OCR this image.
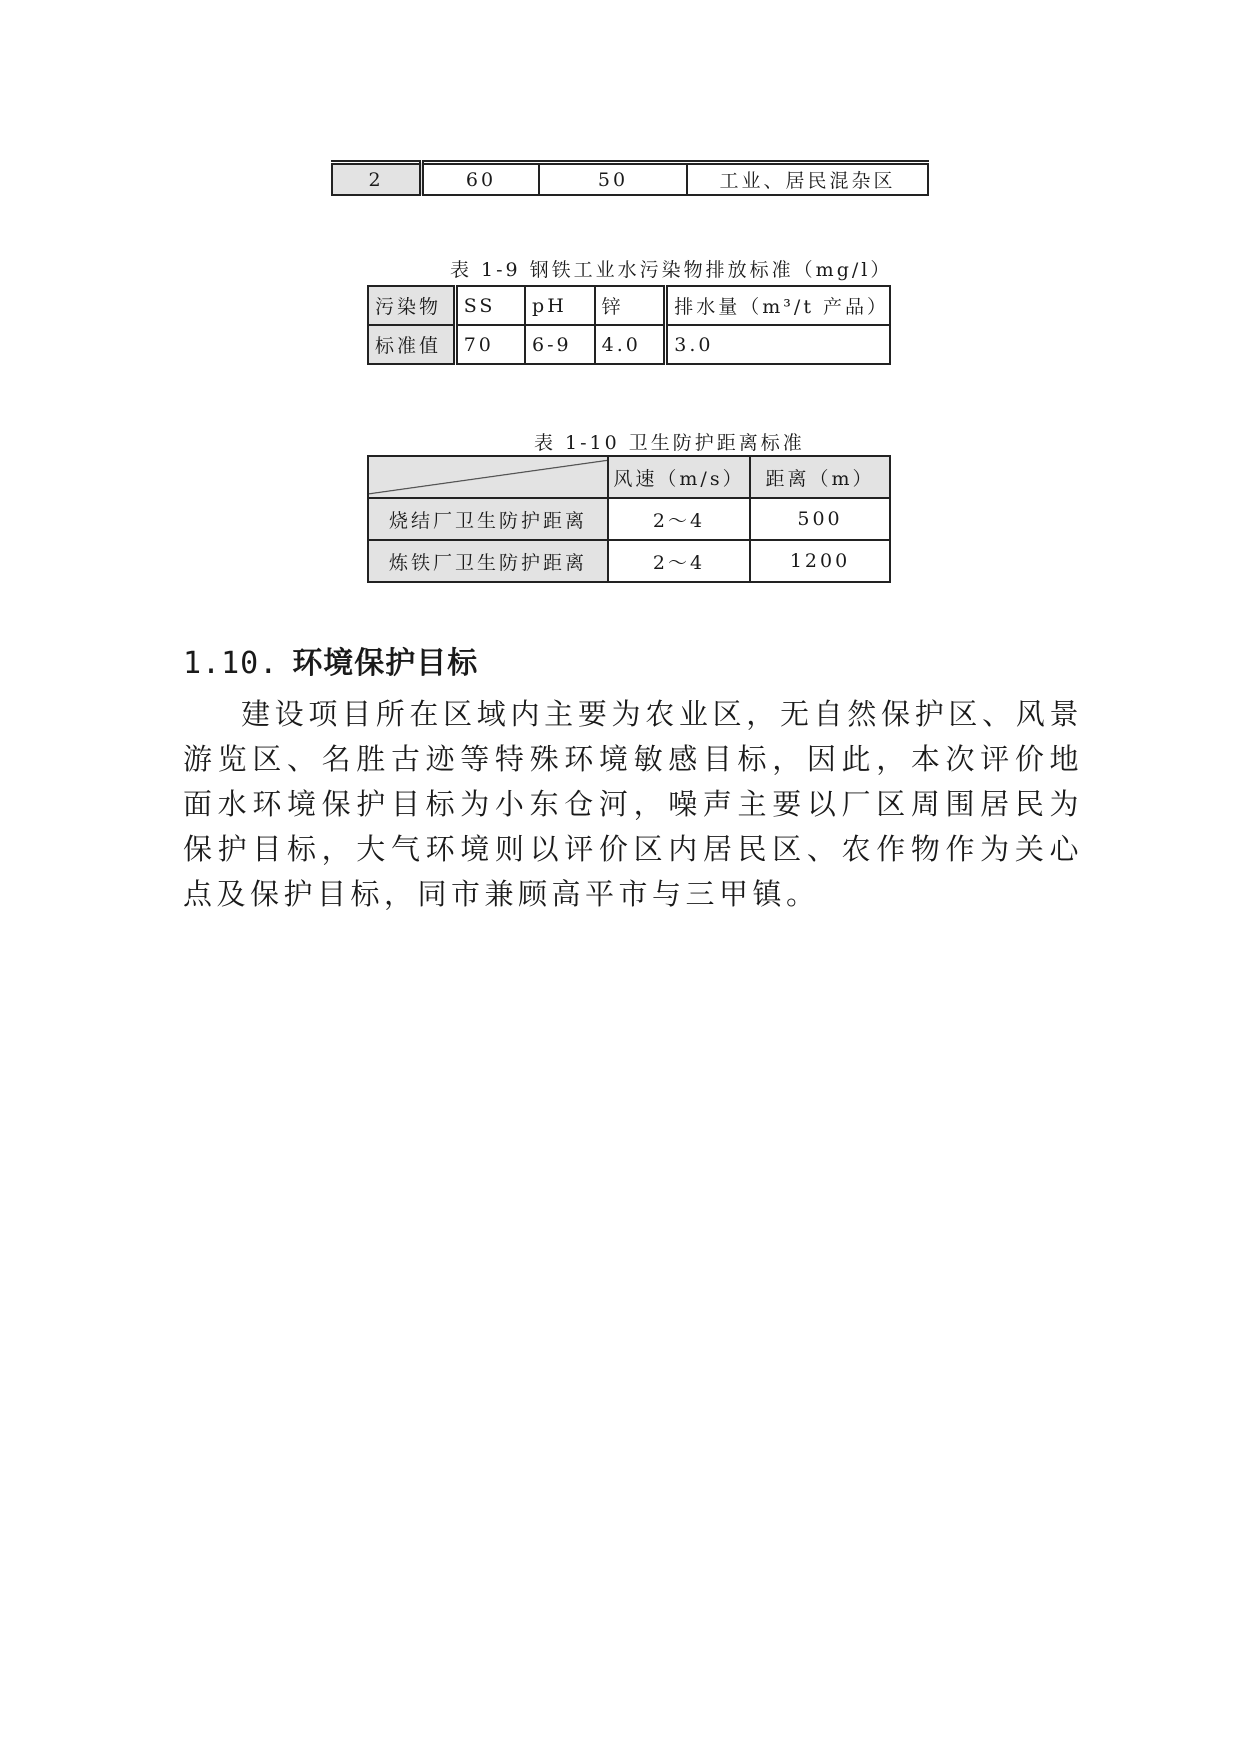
2	60	50	工业、居民混杂区
表 1-9 钢铁工业水污染物排放标准（mg/l）
污染物	SS	pH	锌	排水量（m³/t 产品）
标准值	70	6-9	4.0	3.0
表 1-10 卫生防护距离标准
	风速（m/s）	距离（m）
烧结厂卫生防护距离	2～4	500
炼铁厂卫生防护距离	2～4	1200
1.10. 环境保护目标

建设项目所在区域内主要为农业区，无自然保护区、风景游览区、名胜古迹等特殊环境敏感目标，因此，本次评价地面水环境保护目标为小东仓河，噪声主要以厂区周围居民为保护目标，大气环境则以评价区内居民区、农作物作为关心点及保护目标，同市兼顾高平市与三甲镇。
